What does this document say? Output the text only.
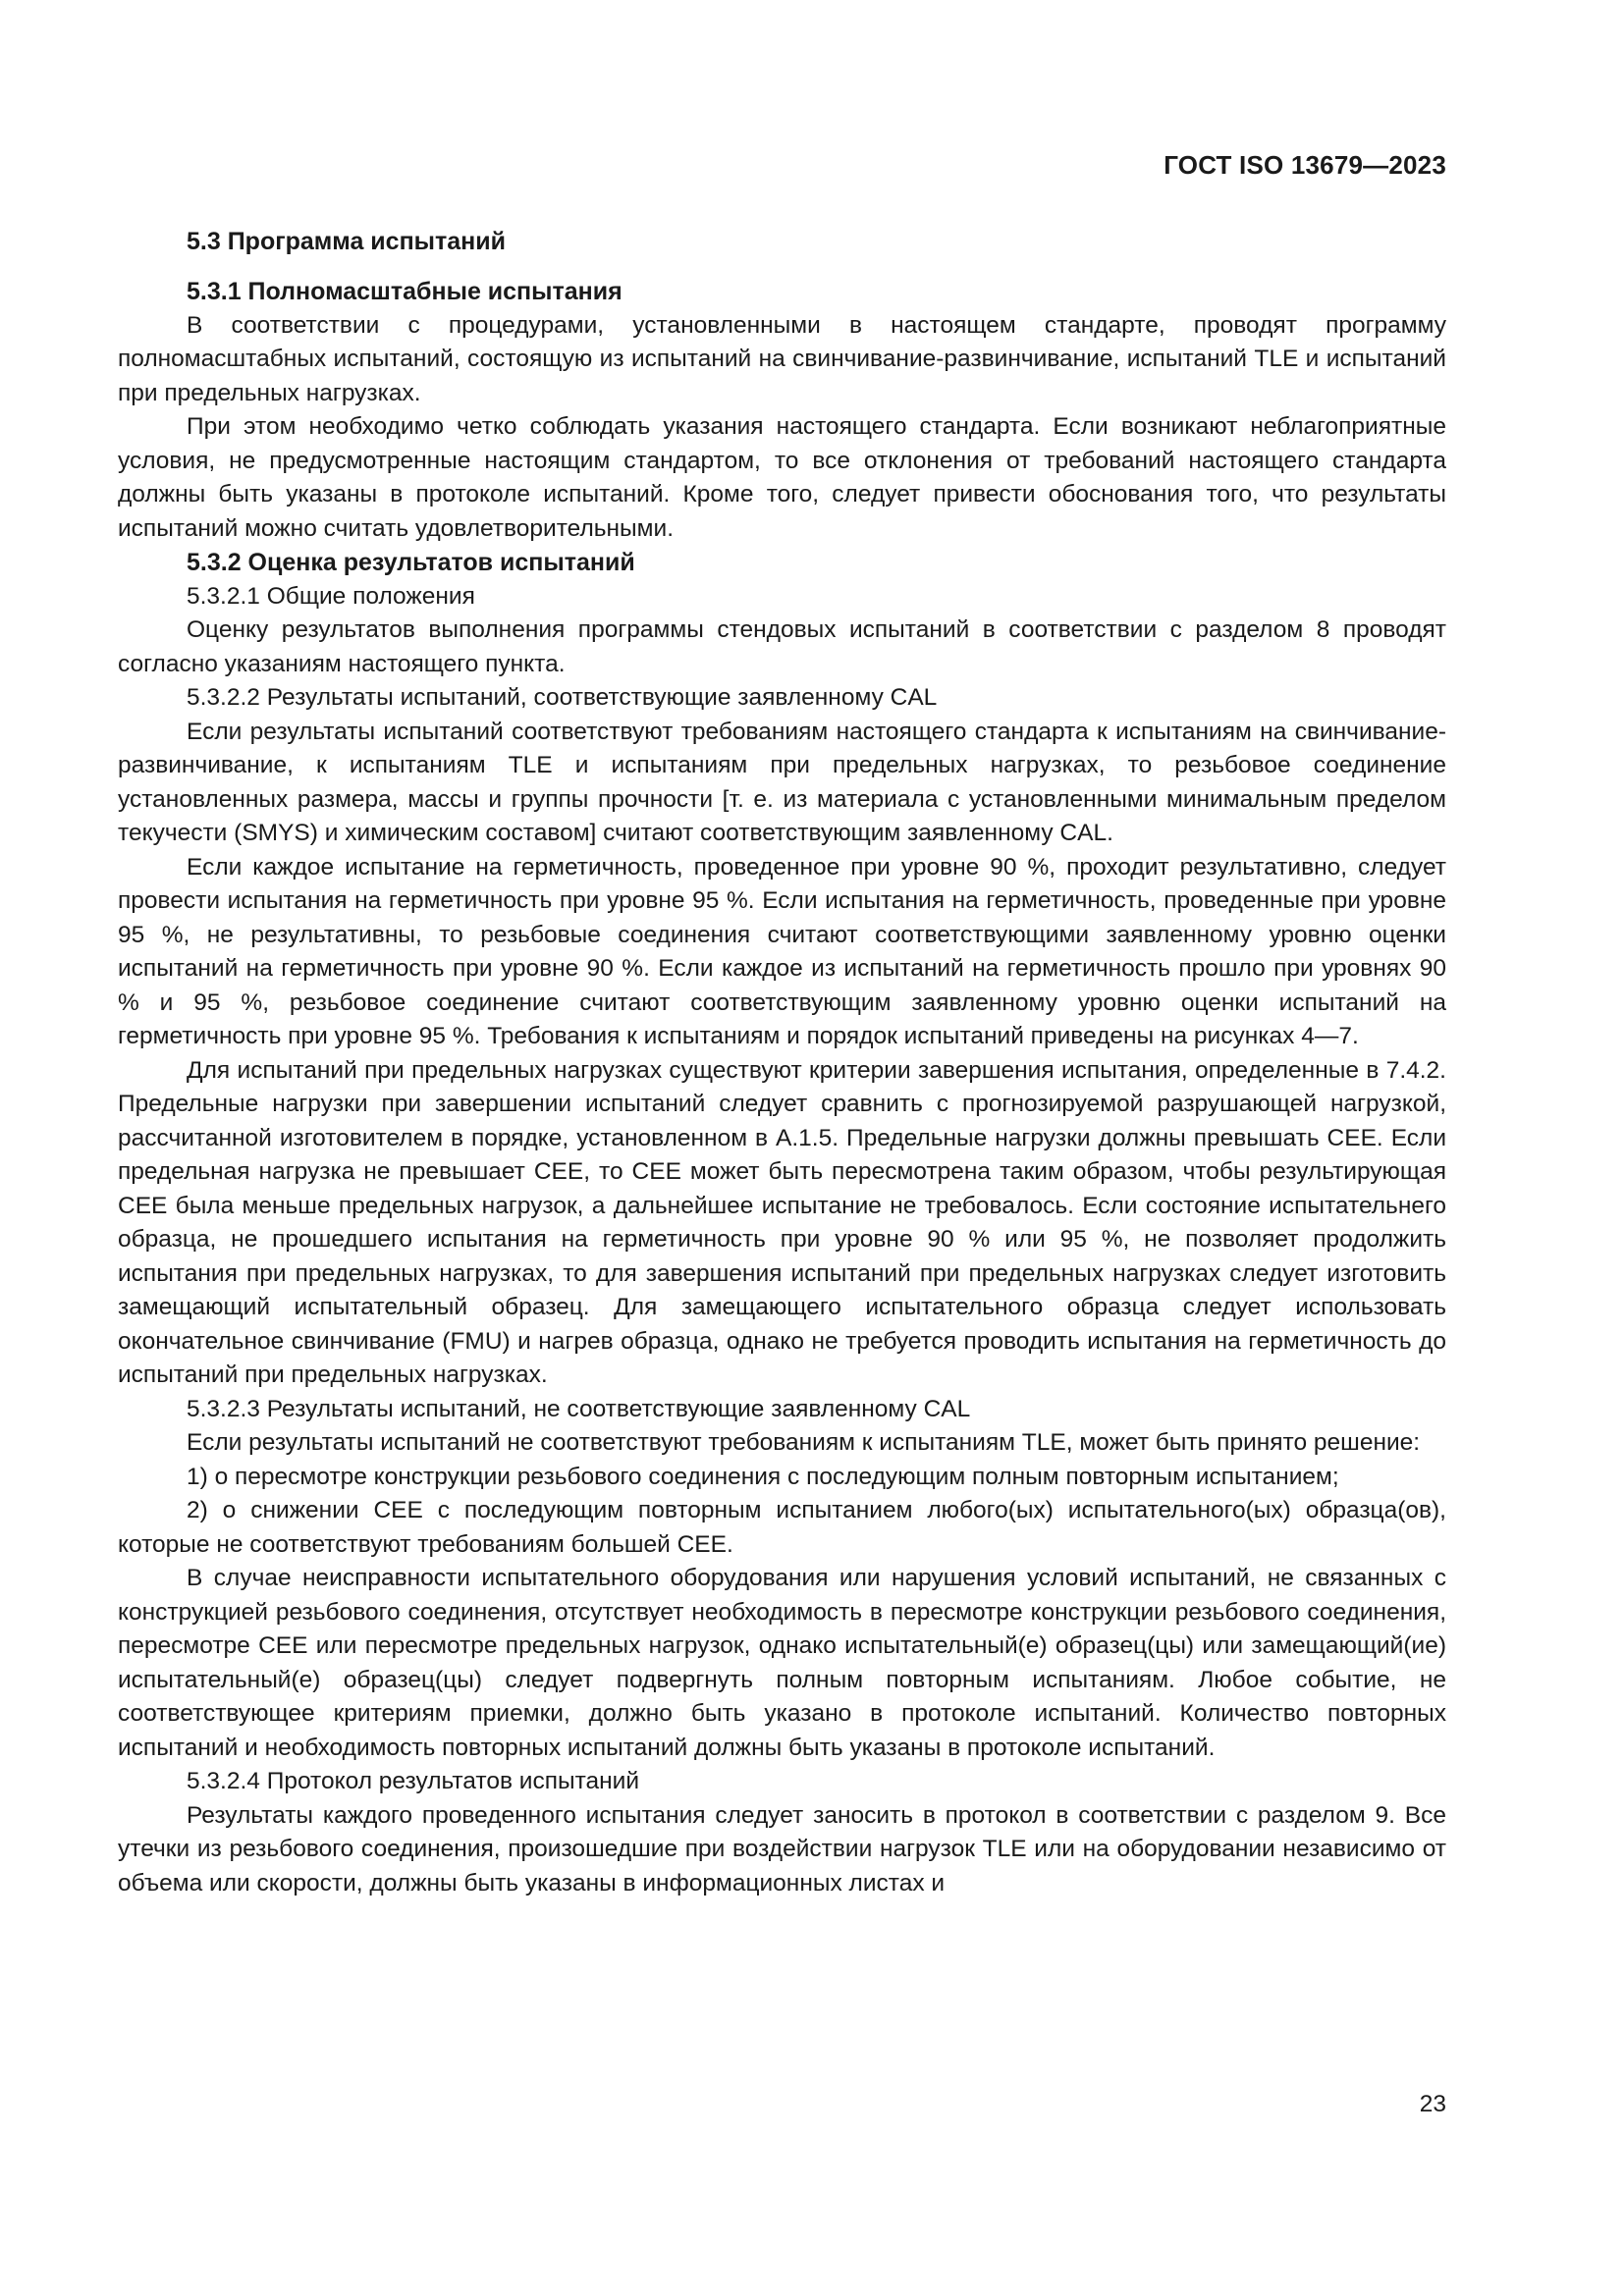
ГОСТ ISO 13679—2023

5.3 Программа испытаний
5.3.1 Полномасштабные испытания

В соответствии с процедурами, установленными в настоящем стандарте, проводят программу полномасштабных испытаний, состоящую из испытаний на свинчивание-развинчивание, испытаний TLE и испытаний при предельных нагрузках.

При этом необходимо четко соблюдать указания настоящего стандарта. Если возникают неблагоприятные условия, не предусмотренные настоящим стандартом, то все отклонения от требований настоящего стандарта должны быть указаны в протоколе испытаний. Кроме того, следует привести обоснования того, что результаты испытаний можно считать удовлетворительными.

5.3.2 Оценка результатов испытаний

5.3.2.1 Общие положения

Оценку результатов выполнения программы стендовых испытаний в соответствии с разделом 8 проводят согласно указаниям настоящего пункта.

5.3.2.2 Результаты испытаний, соответствующие заявленному CAL

Если результаты испытаний соответствуют требованиям настоящего стандарта к испытаниям на свинчивание-развинчивание, к испытаниям TLE и испытаниям при предельных нагрузках, то резьбовое соединение установленных размера, массы и группы прочности [т. е. из материала с установленными минимальным пределом текучести (SMYS) и химическим составом] считают соответствующим заявленному CAL.

Если каждое испытание на герметичность, проведенное при уровне 90 %, проходит результативно, следует провести испытания на герметичность при уровне 95 %. Если испытания на герметичность, проведенные при уровне 95 %, не результативны, то резьбовые соединения считают соответствующими заявленному уровню оценки испытаний на герметичность при уровне 90 %. Если каждое из испытаний на герметичность прошло при уровнях 90 % и 95 %, резьбовое соединение считают соответствующим заявленному уровню оценки испытаний на герметичность при уровне 95 %. Требования к испытаниям и порядок испытаний приведены на рисунках 4—7.

Для испытаний при предельных нагрузках существуют критерии завершения испытания, определенные в 7.4.2. Предельные нагрузки при завершении испытаний следует сравнить с прогнозируемой разрушающей нагрузкой, рассчитанной изготовителем в порядке, установленном в А.1.5. Предельные нагрузки должны превышать CEE. Если предельная нагрузка не превышает CEE, то CEE может быть пересмотрена таким образом, чтобы результирующая CEE была меньше предельных нагрузок, а дальнейшее испытание не требовалось. Если состояние испытательнего образца, не прошедшего испытания на герметичность при уровне 90 % или 95 %, не позволяет продолжить испытания при предельных нагрузках, то для завершения испытаний при предельных нагрузках следует изготовить замещающий испытательный образец. Для замещающего испытательного образца следует использовать окончательное свинчивание (FMU) и нагрев образца, однако не требуется проводить испытания на герметичность до испытаний при предельных нагрузках.

5.3.2.3 Результаты испытаний, не соответствующие заявленному CAL

Если результаты испытаний не соответствуют требованиям к испытаниям TLE, может быть принято решение:

1) о пересмотре конструкции резьбового соединения с последующим полным повторным испытанием;

2) о снижении CEE с последующим повторным испытанием любого(ых) испытательного(ых) образца(ов), которые не соответствуют требованиям большей CEE.

В случае неисправности испытательного оборудования или нарушения условий испытаний, не связанных с конструкцией резьбового соединения, отсутствует необходимость в пересмотре конструкции резьбового соединения, пересмотре CEE или пересмотре предельных нагрузок, однако испытательный(е) образец(цы) или замещающий(ие) испытательный(е) образец(цы) следует подвергнуть полным повторным испытаниям. Любое событие, не соответствующее критериям приемки, должно быть указано в протоколе испытаний. Количество повторных испытаний и необходимость повторных испытаний должны быть указаны в протоколе испытаний.

5.3.2.4 Протокол результатов испытаний

Результаты каждого проведенного испытания следует заносить в протокол в соответствии с разделом 9. Все утечки из резьбового соединения, произошедшие при воздействии нагрузок TLE или на оборудовании независимо от объема или скорости, должны быть указаны в информационных листах и

23
